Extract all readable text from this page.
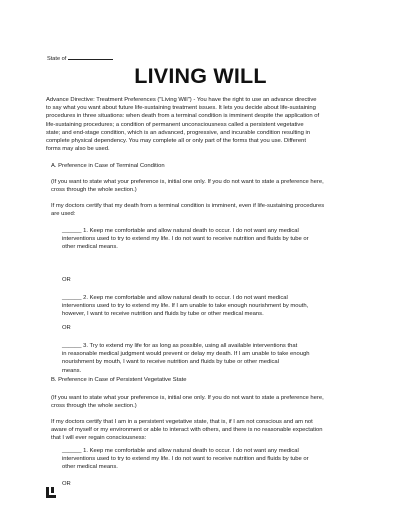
State of
LIVING WILL
Advance Directive: Treatment Preferences ("Living Will") - You have the right to use an advance directive
to say what you want about future life-sustaining treatment issues. It lets you decide about life-sustaining
procedures in three situations: when death from a terminal condition is imminent despite the application of
life-sustaining procedures; a condition of permanent unconsciousness called a persistent vegetative
state; and end-stage condition, which is an advanced, progressive, and incurable condition resulting in
complete physical dependency. You may complete all or only part of the forms that you use. Different
forms may also be used.
A. Preference in Case of Terminal Condition
(If you want to state what your preference is, initial one only. If you do not want to state a preference here,
cross through the whole section.)
If my doctors certify that my death from a terminal condition is imminent, even if life-sustaining procedures
are used:
______ 1. Keep me comfortable and allow natural death to occur. I do not want any medical
interventions used to try to extend my life. I do not want to receive nutrition and fluids by tube or
other medical means.
OR
______ 2. Keep me comfortable and allow natural death to occur. I do not want medical
interventions used to try to extend my life. If I am unable to take enough nourishment by mouth,
however, I want to receive nutrition and fluids by tube or other medical means.
OR
______ 3. Try to extend my life for as long as possible, using all available interventions that
in reasonable medical judgment would prevent or delay my death. If I am unable to take enough
nourishment by mouth, I want to receive nutrition and fluids by tube or other medical
means.
B. Preference in Case of Persistent Vegetative State
(If you want to state what your preference is, initial one only. If you do not want to state a preference here,
cross through the whole section.)
If my doctors certify that I am in a persistent vegetative state, that is, if I am not conscious and am not
aware of myself or my environment or able to interact with others, and there is no reasonable expectation
that I will ever regain consciousness:
______ 1. Keep me comfortable and allow natural death to occur. I do not want any medical
interventions used to try to extend my life. I do not want to receive nutrition and fluids by tube or
other medical means.
OR
